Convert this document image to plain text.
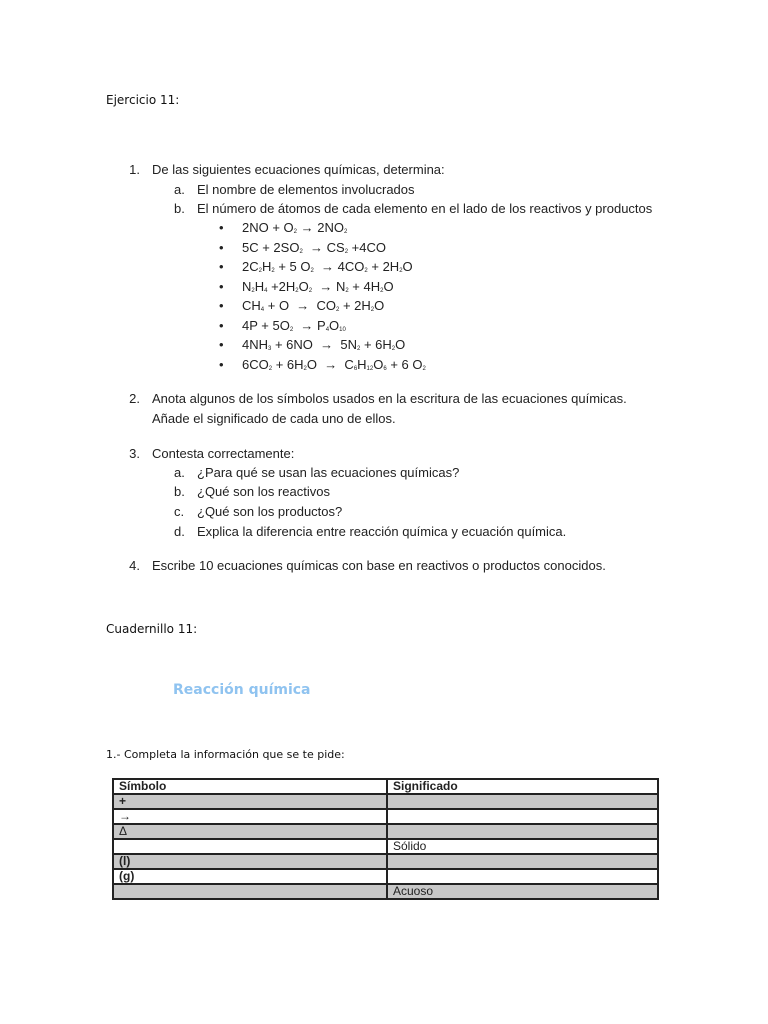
Ejercicio 11:
1. De las siguientes ecuaciones químicas, determina:
a. El nombre de elementos involucrados
b. El número de átomos de cada elemento en el lado de los reactivos y productos
• $2NO + O_2 \to 2NO_2$
• $5C + 2SO_2 \to CS_2 +4CO$
• $2C_2H_2 + 5$ $O_2 \to 4CO_2 + 2H_2O$
• $N_2H_4 +2H_2O_2 \to N_2 + 4H_2O$
• $CH_4 + O \to CO_2 + 2H_2O$
• $4P + 5O_2 \to P_4O_{10}$
• $4NH_3 + 6NO \to 5N_2 + 6H_2O$
• $6CO_2 + 6H_2O \to C_6H_{12}O_6 + 6$ $O_2$
2. Anota algunos de los símbolos usados en la escritura de las ecuaciones químicas.
Añade el significado de cada uno de ellos.
3. Contesta correctamente:
a. ¿Para qué se usan las ecuaciones químicas?
b. ¿Qué son los reactivos
c. ¿Qué son los productos?
d. Explica la diferencia entre reacción química y ecuación química.
4. Escribe 10 ecuaciones químicas con base en reactivos o productos conocidos.
Cuadernillo 11:
Reacción química
1.- Completa la información que se te pide:
Símbolo	Significado
+	
→	
Δ	
	Sólido
(l)	
(g)	
	Acuoso
